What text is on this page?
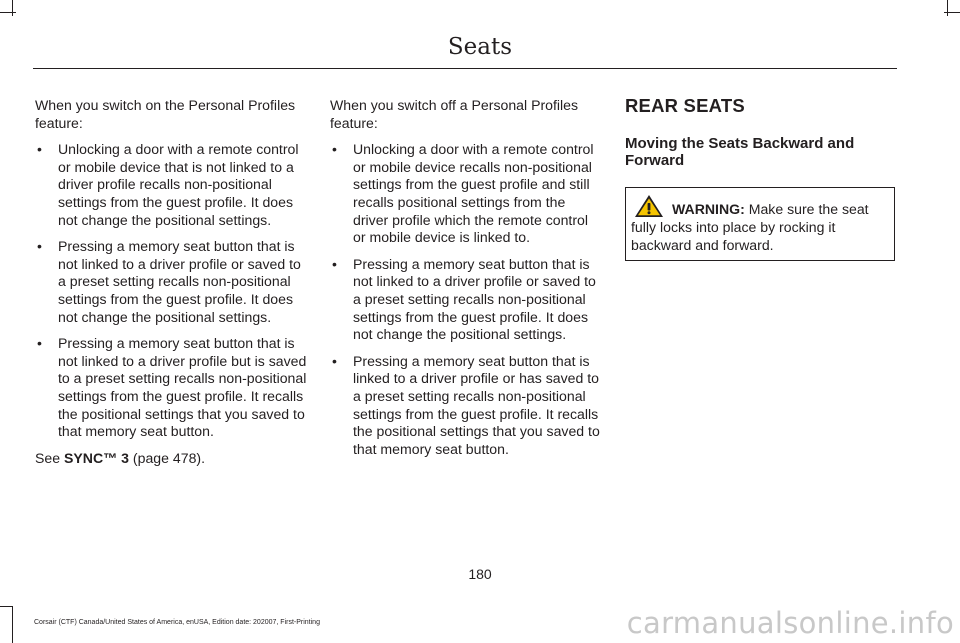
Seats

When you switch on the Personal Profiles feature:

• Unlocking a door with a remote control or mobile device that is not linked to a driver profile recalls non-positional settings from the guest profile. It does not change the positional settings.
• Pressing a memory seat button that is not linked to a driver profile or saved to a preset setting recalls non-positional settings from the guest profile. It does not change the positional settings.
• Pressing a memory seat button that is not linked to a driver profile but is saved to a preset setting recalls non-positional settings from the guest profile. It recalls the positional settings that you saved to that memory seat button.

See SYNC™ 3 (page 478).

When you switch off a Personal Profiles feature:

• Unlocking a door with a remote control or mobile device recalls non-positional settings from the guest profile and still recalls positional settings from the driver profile which the remote control or mobile device is linked to.
• Pressing a memory seat button that is not linked to a driver profile or saved to a preset setting recalls non-positional settings from the guest profile. It does not change the positional settings.
• Pressing a memory seat button that is linked to a driver profile or has saved to a preset setting recalls non-positional settings from the guest profile. It recalls the positional settings that you saved to that memory seat button.
REAR SEATS
Moving the Seats Backward and Forward
WARNING: Make sure the seat fully locks into place by rocking it backward and forward.
180
Corsair (CTF) Canada/United States of America, enUSA, Edition date: 202007, First-Printing	carmanualsonline.info
